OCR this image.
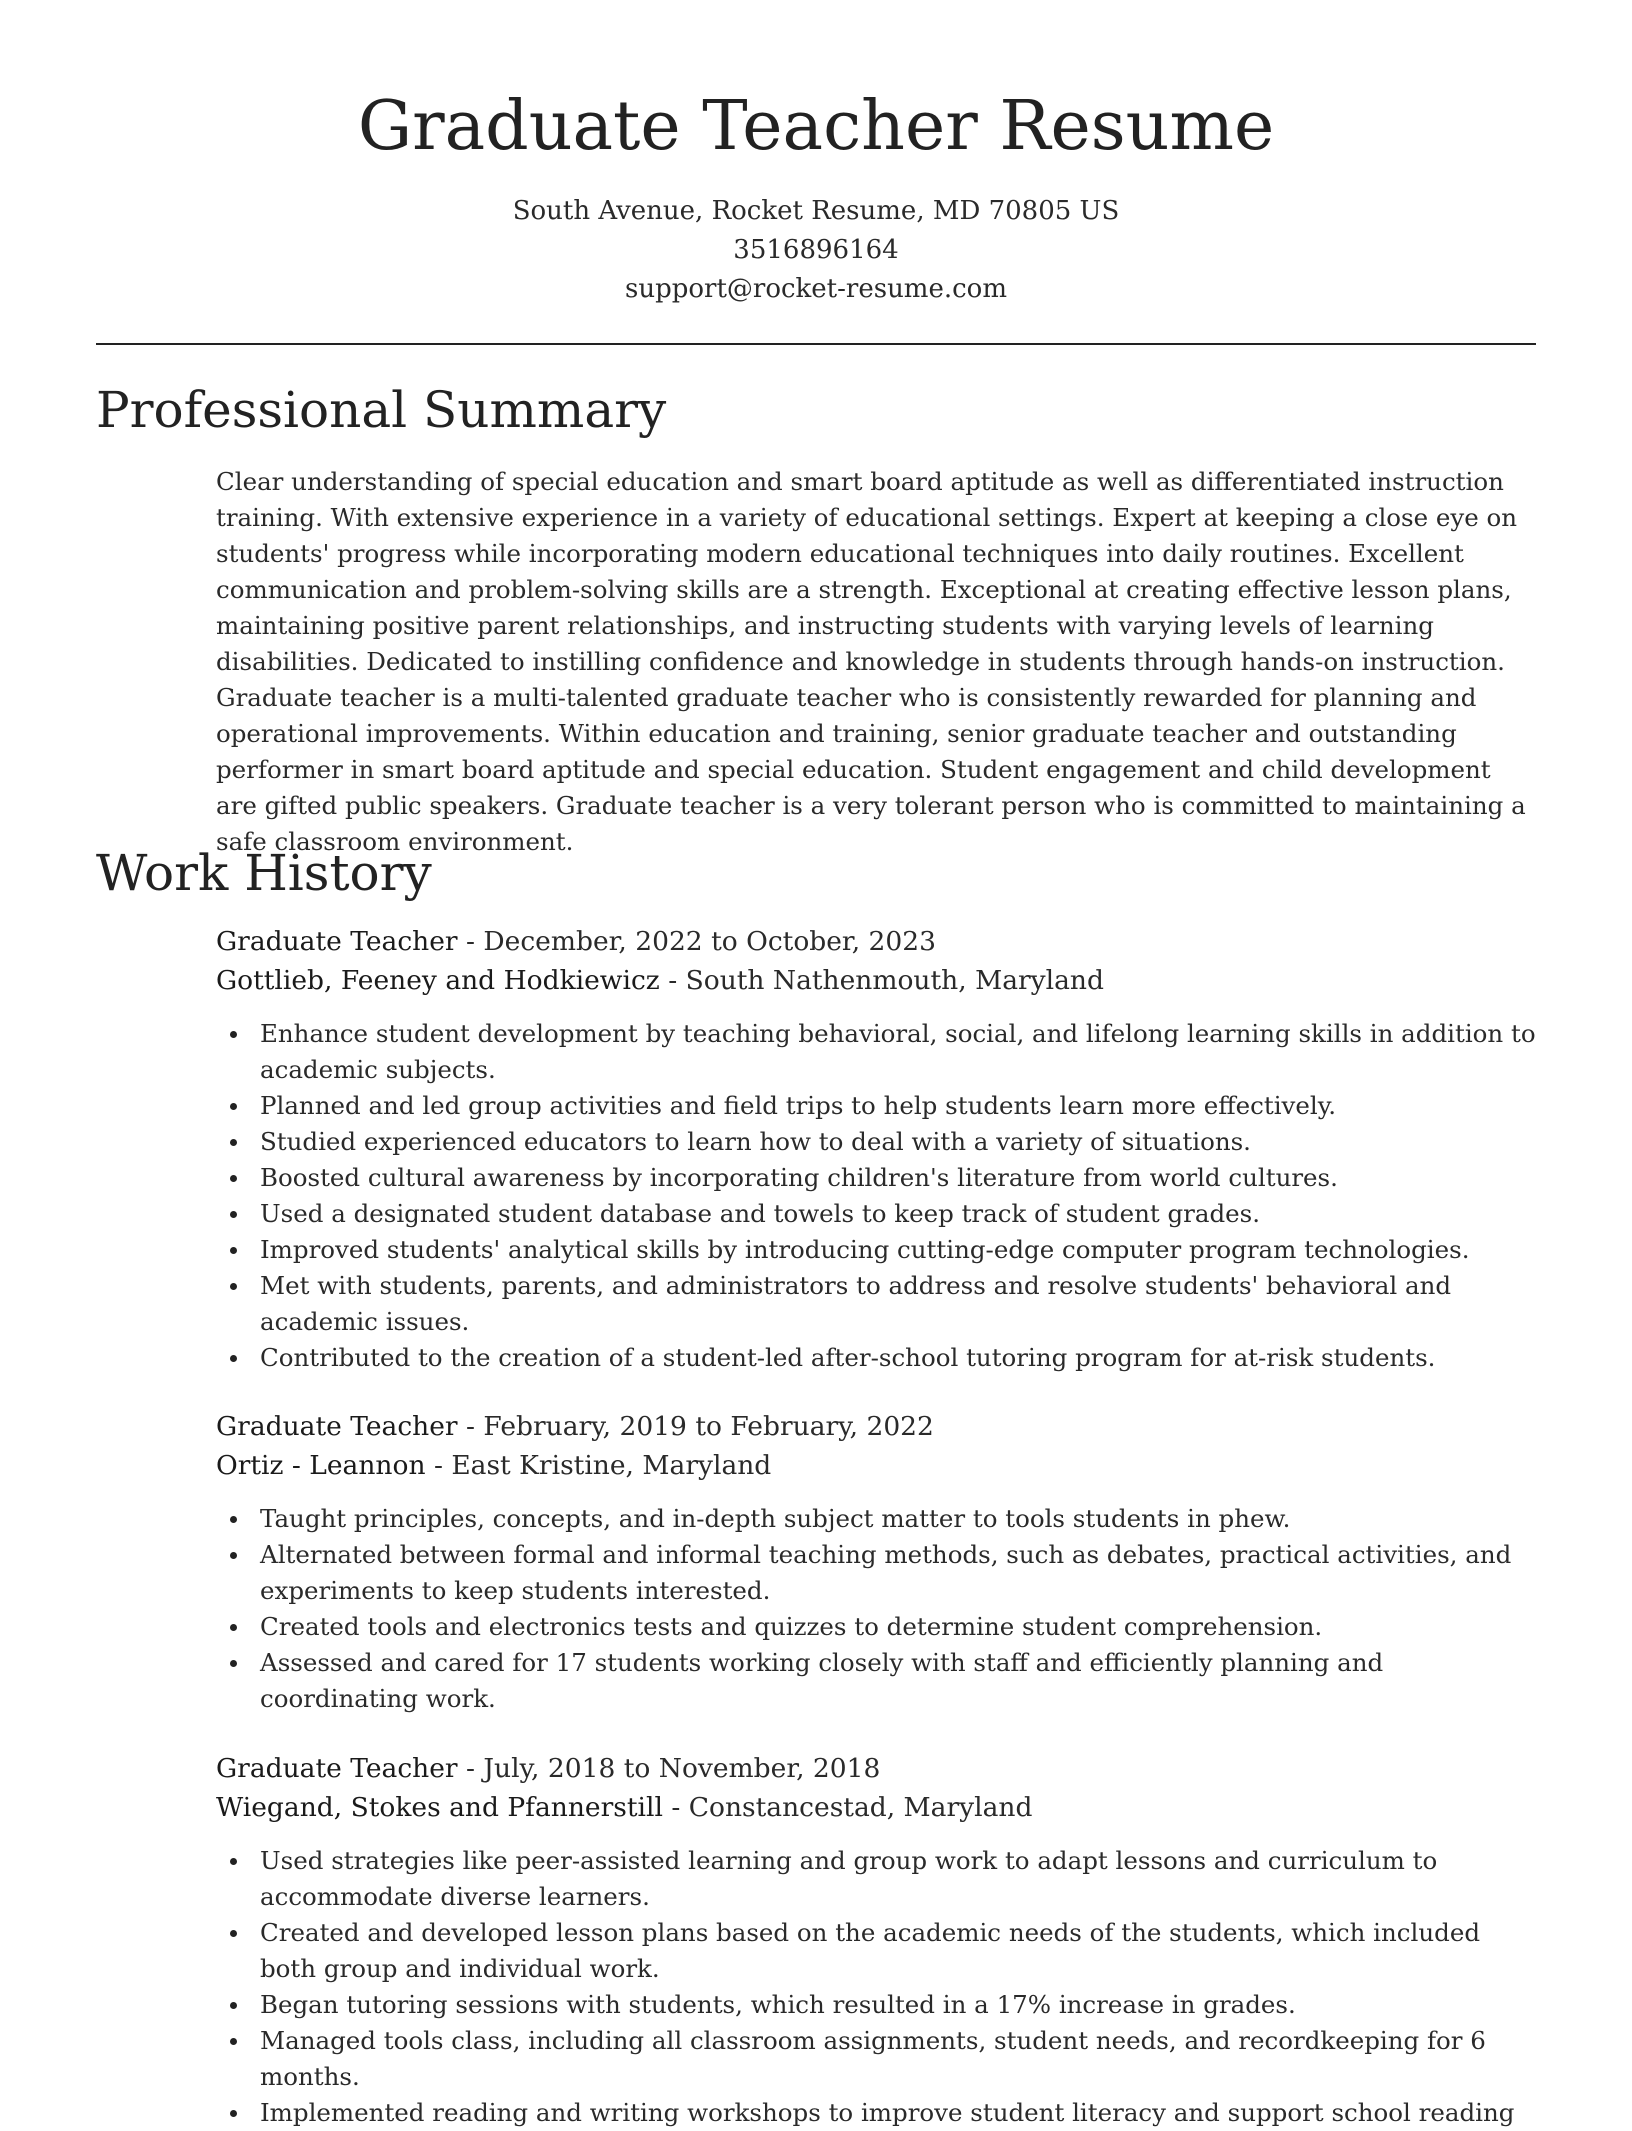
Graduate Teacher Resume
South Avenue, Rocket Resume, MD 70805 US
3516896164
support@rocket-resume.com
Professional Summary

Clear understanding of special education and smart board aptitude as well as differentiated instruction training. With extensive experience in a variety of educational settings. Expert at keeping a close eye on students' progress while incorporating modern educational techniques into daily routines. Excellent communication and problem-solving skills are a strength. Exceptional at creating effective lesson plans, maintaining positive parent relationships, and instructing students with varying levels of learning disabilities. Dedicated to instilling confidence and knowledge in students through hands-on instruction. Graduate teacher is a multi-talented graduate teacher who is consistently rewarded for planning and operational improvements. Within education and training, senior graduate teacher and outstanding performer in smart board aptitude and special education. Student engagement and child development are gifted public speakers. Graduate teacher is a very tolerant person who is committed to maintaining a safe classroom environment.

Work History
Graduate Teacher - December, 2022 to October, 2023
Gottlieb, Feeney and Hodkiewicz - South Nathenmouth, Maryland
Enhance student development by teaching behavioral, social, and lifelong learning skills in addition to academic subjects.
Planned and led group activities and field trips to help students learn more effectively.
Studied experienced educators to learn how to deal with a variety of situations.
Boosted cultural awareness by incorporating children's literature from world cultures.
Used a designated student database and towels to keep track of student grades.
Improved students' analytical skills by introducing cutting-edge computer program technologies.
Met with students, parents, and administrators to address and resolve students' behavioral and academic issues.
Contributed to the creation of a student-led after-school tutoring program for at-risk students.
Graduate Teacher - February, 2019 to February, 2022
Ortiz - Leannon - East Kristine, Maryland
Taught principles, concepts, and in-depth subject matter to tools students in phew.
Alternated between formal and informal teaching methods, such as debates, practical activities, and experiments to keep students interested.
Created tools and electronics tests and quizzes to determine student comprehension.
Assessed and cared for 17 students working closely with staff and efficiently planning and coordinating work.
Graduate Teacher - July, 2018 to November, 2018
Wiegand, Stokes and Pfannerstill - Constancestad, Maryland
Used strategies like peer-assisted learning and group work to adapt lessons and curriculum to accommodate diverse learners.
Created and developed lesson plans based on the academic needs of the students, which included both group and individual work.
Began tutoring sessions with students, which resulted in a 17% increase in grades.
Managed tools class, including all classroom assignments, student needs, and recordkeeping for 6 months.
Implemented reading and writing workshops to improve student literacy and support school reading
